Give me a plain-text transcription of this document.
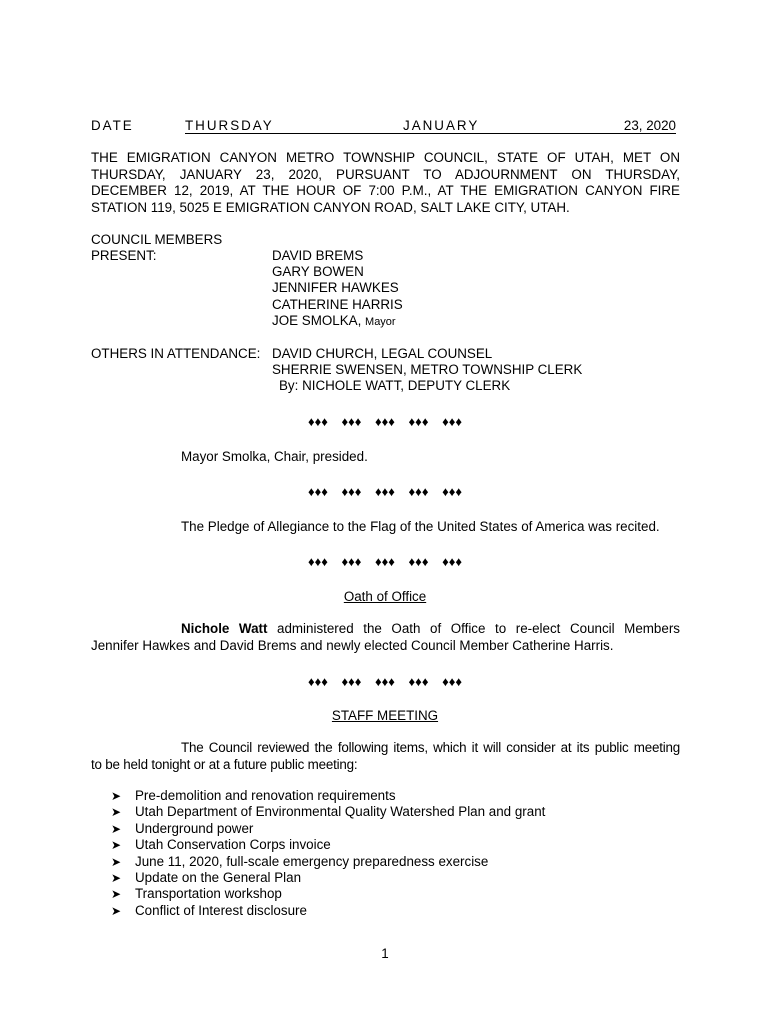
DATE	THURSDAY	JANUARY	23, 2020
THE EMIGRATION CANYON METRO TOWNSHIP COUNCIL, STATE OF UTAH, MET ON
THURSDAY, JANUARY 23, 2020, PURSUANT TO ADJOURNMENT ON THURSDAY,
DECEMBER 12, 2019, AT THE HOUR OF 7:00 P.M., AT THE EMIGRATION CANYON FIRE
STATION 119, 5025 E EMIGRATION CANYON ROAD, SALT LAKE CITY, UTAH.
COUNCIL MEMBERS
PRESENT:	DAVID BREMS
GARY BOWEN
JENNIFER HAWKES
CATHERINE HARRIS
JOE SMOLKA, Mayor
OTHERS IN ATTENDANCE: DAVID CHURCH, LEGAL COUNSEL
SHERRIE SWENSEN, METRO TOWNSHIP CLERK
By: NICHOLE WATT, DEPUTY CLERK
♦♦♦ ♦♦♦ ♦♦♦ ♦♦♦ ♦♦♦
Mayor Smolka, Chair, presided.
♦♦♦ ♦♦♦ ♦♦♦ ♦♦♦ ♦♦♦
The Pledge of Allegiance to the Flag of the United States of America was recited.
♦♦♦ ♦♦♦ ♦♦♦ ♦♦♦ ♦♦♦
Oath of Office
Nichole Watt administered the Oath of Office to re-elect Council Members
Jennifer Hawkes and David Brems and newly elected Council Member Catherine Harris.
♦♦♦ ♦♦♦ ♦♦♦ ♦♦♦ ♦♦♦
STAFF MEETING
The Council reviewed the following items, which it will consider at its public meeting
to be held tonight or at a future public meeting:
➤ Pre-demolition and renovation requirements
➤ Utah Department of Environmental Quality Watershed Plan and grant
➤ Underground power
➤ Utah Conservation Corps invoice
➤ June 11, 2020, full-scale emergency preparedness exercise
➤ Update on the General Plan
➤ Transportation workshop
➤ Conflict of Interest disclosure
1
